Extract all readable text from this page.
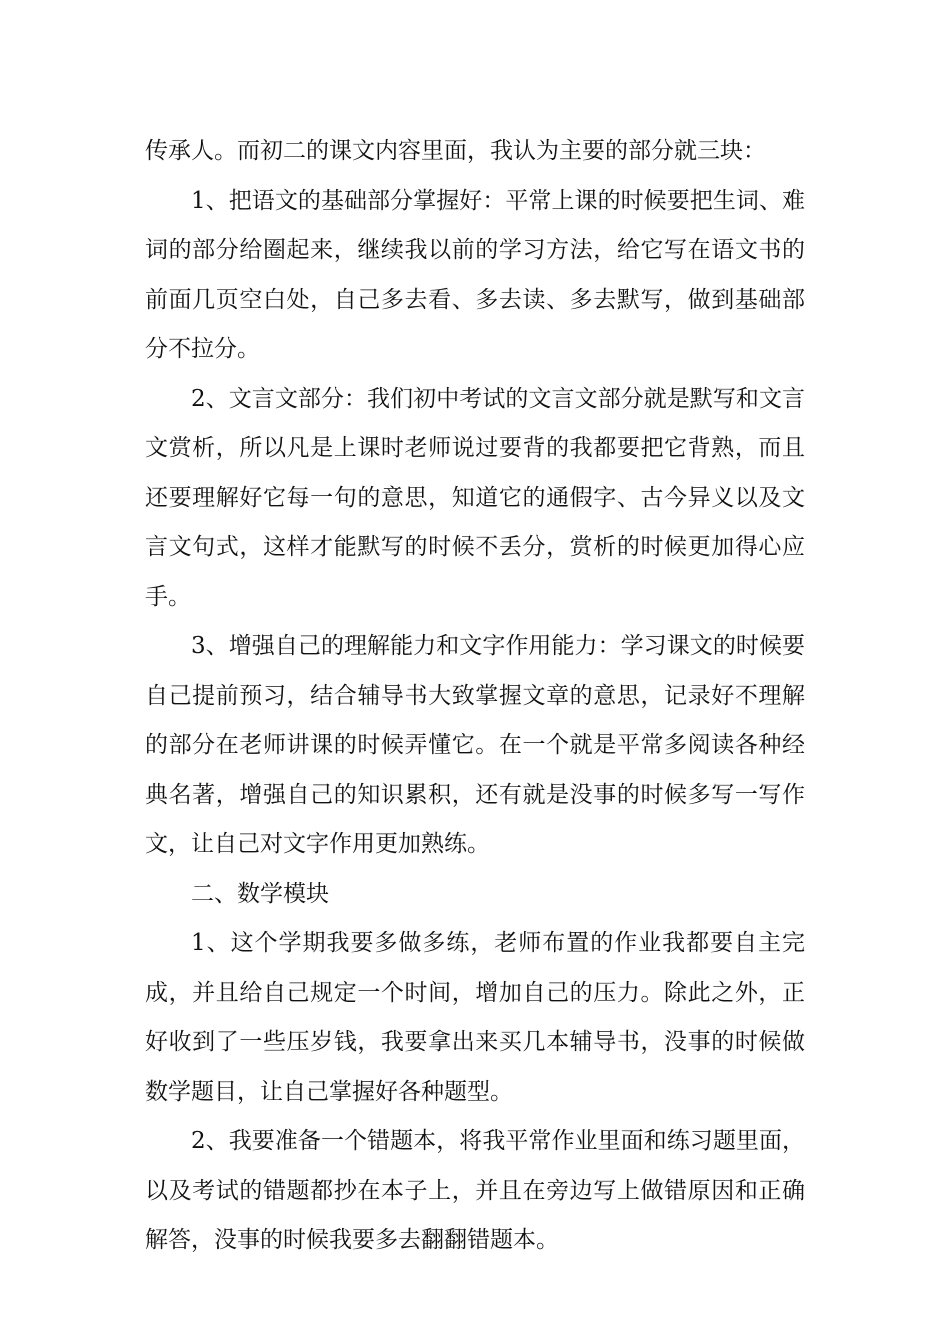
传承人。而初二的课文内容里面，我认为主要的部分就三块：

1、把语文的基础部分掌握好：平常上课的时候要把生词、难词的部分给圈起来，继续我以前的学习方法，给它写在语文书的前面几页空白处，自己多去看、多去读、多去默写，做到基础部分不拉分。

2、文言文部分：我们初中考试的文言文部分就是默写和文言文赏析，所以凡是上课时老师说过要背的我都要把它背熟，而且还要理解好它每一句的意思，知道它的通假字、古今异义以及文言文句式，这样才能默写的时候不丢分，赏析的时候更加得心应手。

3、增强自己的理解能力和文字作用能力：学习课文的时候要自己提前预习，结合辅导书大致掌握文章的意思，记录好不理解的部分在老师讲课的时候弄懂它。在一个就是平常多阅读各种经典名著，增强自己的知识累积，还有就是没事的时候多写一写作文，让自己对文字作用更加熟练。

二、数学模块

1、这个学期我要多做多练，老师布置的作业我都要自主完成，并且给自己规定一个时间，增加自己的压力。除此之外，正好收到了一些压岁钱，我要拿出来买几本辅导书，没事的时候做数学题目，让自己掌握好各种题型。

2、我要准备一个错题本，将我平常作业里面和练习题里面，以及考试的错题都抄在本子上，并且在旁边写上做错原因和正确解答，没事的时候我要多去翻翻错题本。
